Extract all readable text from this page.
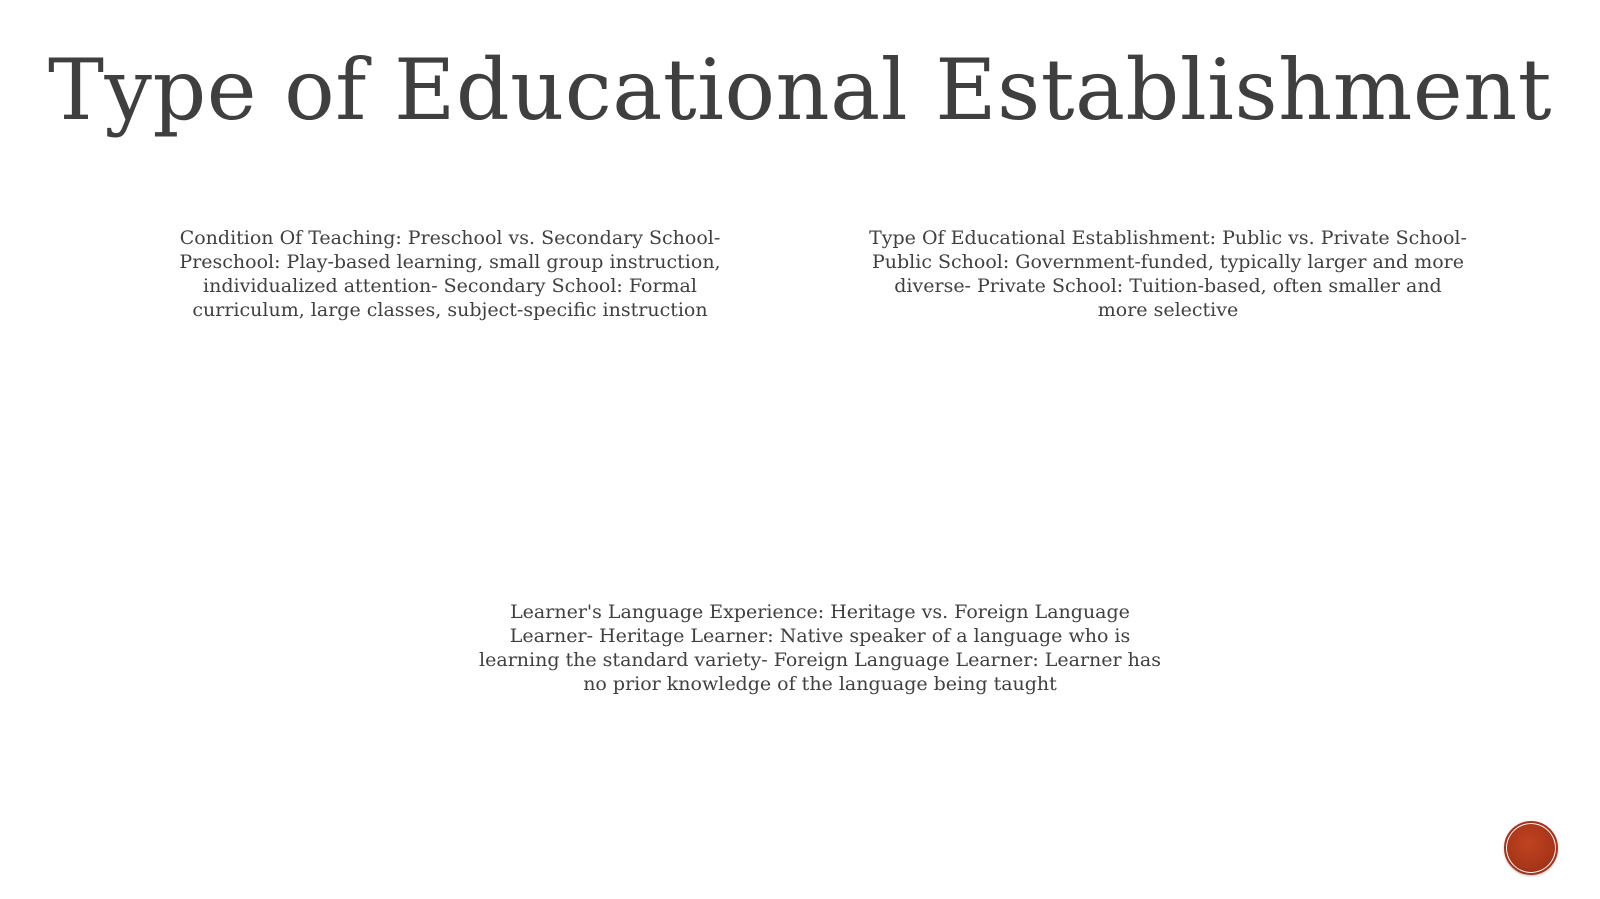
Type of Educational Establishment
Condition Of Teaching: Preschool vs. Secondary School- Preschool: Play-based learning, small group instruction, individualized attention- Secondary School: Formal curriculum, large classes, subject-specific instruction
Type Of Educational Establishment: Public vs. Private School- Public School: Government-funded, typically larger and more diverse- Private School: Tuition-based, often smaller and more selective
Learner's Language Experience: Heritage vs. Foreign Language Learner- Heritage Learner: Native speaker of a language who is learning the standard variety- Foreign Language Learner: Learner has no prior knowledge of the language being taught
